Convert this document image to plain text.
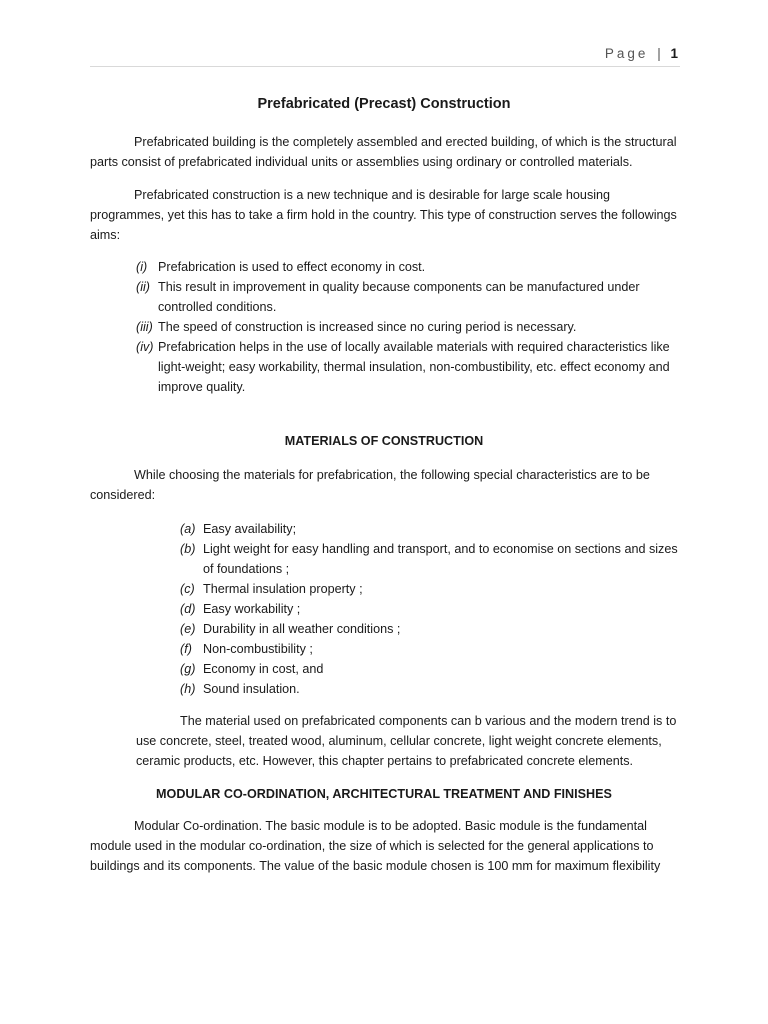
Page | 1
Prefabricated (Precast) Construction

Prefabricated building is the completely assembled and erected building, of which is the structural parts consist of prefabricated individual units or assemblies using ordinary or controlled materials.

Prefabricated construction is a new technique and is desirable for large scale housing programmes, yet this has to take a firm hold in the country. This type of construction serves the followings aims:

(i) Prefabrication is used to effect economy in cost.
(ii) This result in improvement in quality because components can be manufactured under controlled conditions.
(iii) The speed of construction is increased since no curing period is necessary.
(iv) Prefabrication helps in the use of locally available materials with required characteristics like light-weight; easy workability, thermal insulation, non-combustibility, etc. effect economy and improve quality.
MATERIALS OF CONSTRUCTION

While choosing the materials for prefabrication, the following special characteristics are to be considered:

(a) Easy availability;
(b) Light weight for easy handling and transport, and to economise on sections and sizes of foundations ;
(c) Thermal insulation property ;
(d) Easy workability ;
(e) Durability in all weather conditions ;
(f) Non-combustibility ;
(g) Economy in cost, and
(h) Sound insulation.

The material used on prefabricated components can b various and the modern trend is to use concrete, steel, treated wood, aluminum, cellular concrete, light weight concrete elements, ceramic products, etc. However, this chapter pertains to prefabricated concrete elements.

MODULAR CO-ORDINATION, ARCHITECTURAL TREATMENT AND FINISHES

Modular Co-ordination. The basic module is to be adopted. Basic module is the fundamental module used in the modular co-ordination, the size of which is selected for the general applications to buildings and its components. The value of the basic module chosen is 100 mm for maximum flexibility
